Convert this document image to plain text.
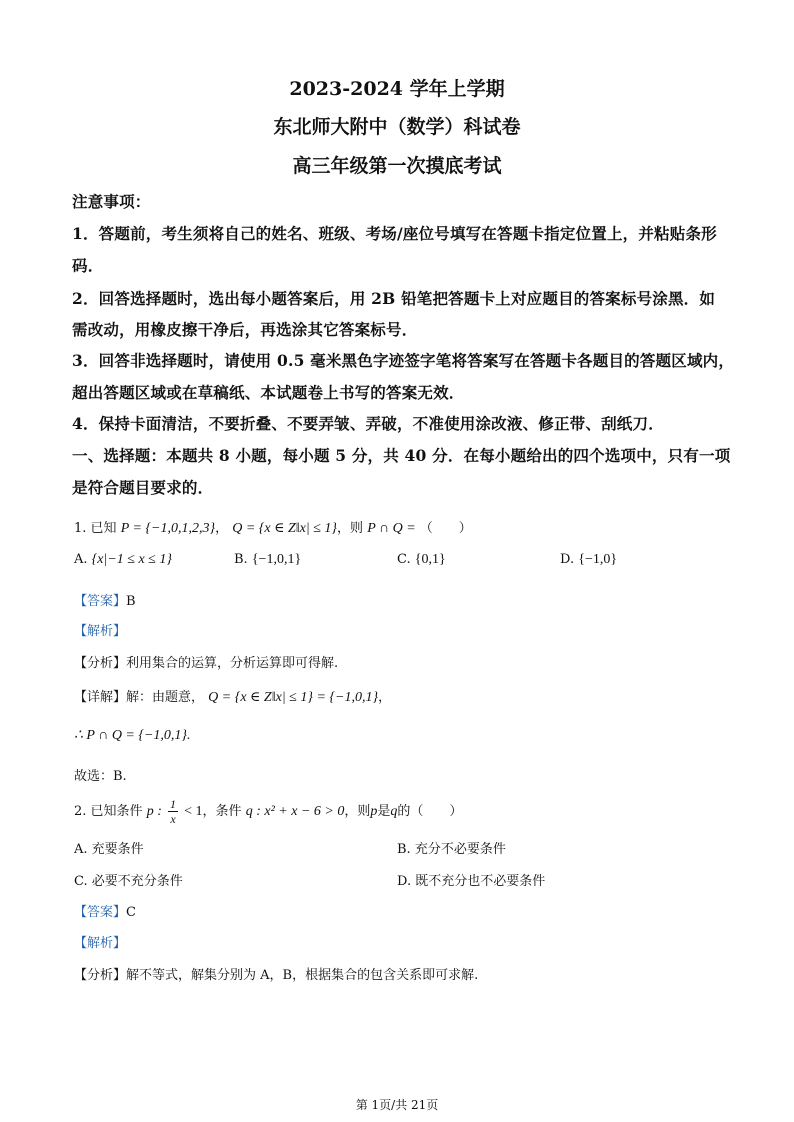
2023-2024 学年上学期
东北师大附中（数学）科试卷
高三年级第一次摸底考试
注意事项：
1．答题前，考生须将自己的姓名、班级、考场/座位号填写在答题卡指定位置上，并粘贴条形
码．
2．回答选择题时，选出每小题答案后，用 2B 铅笔把答题卡上对应题目的答案标号涂黑．如
需改动，用橡皮擦干净后，再选涂其它答案标号．
3．回答非选择题时，请使用 0.5 毫米黑色字迹签字笔将答案写在答题卡各题目的答题区域内，
超出答题区域或在草稿纸、本试题卷上书写的答案无效．
4．保持卡面清洁，不要折叠、不要弄皱、弄破，不准使用涂改液、修正带、刮纸刀．
一、选择题：本题共 8 小题，每小题 5 分，共 40 分．在每小题给出的四个选项中，只有一项
是符合题目要求的．
1. 已知 P = {−1,0,1,2,3}， Q = {x ∈ Z‖x| ≤ 1}，则 P ∩ Q = （　　）
A. {x|−1 ≤ x ≤ 1}	B. {−1,0,1}	C. {0,1}	D. {−1,0}
【答案】B
【解析】
【分析】利用集合的运算，分析运算即可得解.
【详解】解：由题意， Q = {x ∈ Z‖x| ≤ 1} = {−1,0,1}，
∴ P ∩ Q = {−1,0,1}.
故选：B.
2. 已知条件 p : $\frac{1}{x} < 1$，条件 q : x² + x − 6 > 0，则p是q的（　　）
A. 充要条件	B. 充分不必要条件
C. 必要不充分条件	D. 既不充分也不必要条件
【答案】C
【解析】
【分析】解不等式，解集分别为 A，B，根据集合的包含关系即可求解.
第 1页/共 21页
